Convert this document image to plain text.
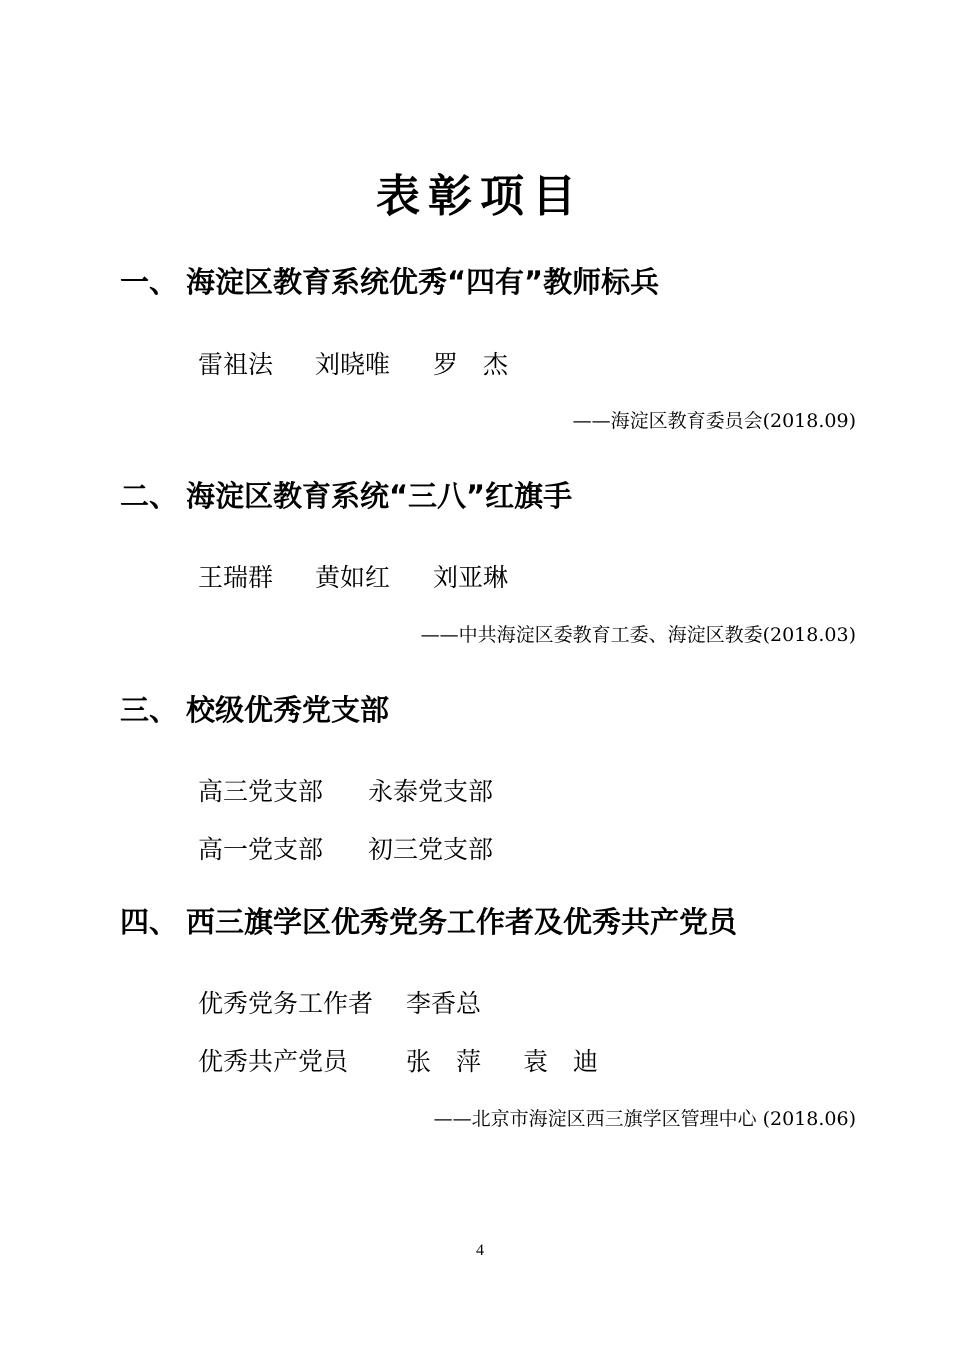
表彰项目
一、 海淀区教育系统优秀“四有”教师标兵
雷祖法 刘晓唯 罗　杰
——海淀区教育委员会(2018.09)
二、 海淀区教育系统“三八”红旗手
王瑞群 黄如红 刘亚琳
——中共海淀区委教育工委、海淀区教委(2018.03)
三、 校级优秀党支部
高三党支部 永泰党支部
高一党支部 初三党支部
四、 西三旗学区优秀党务工作者及优秀共产党员
优秀党务工作者 李香总
优秀共产党员 张　萍 袁　迪
——北京市海淀区西三旗学区管理中心 (2018.06)
4
